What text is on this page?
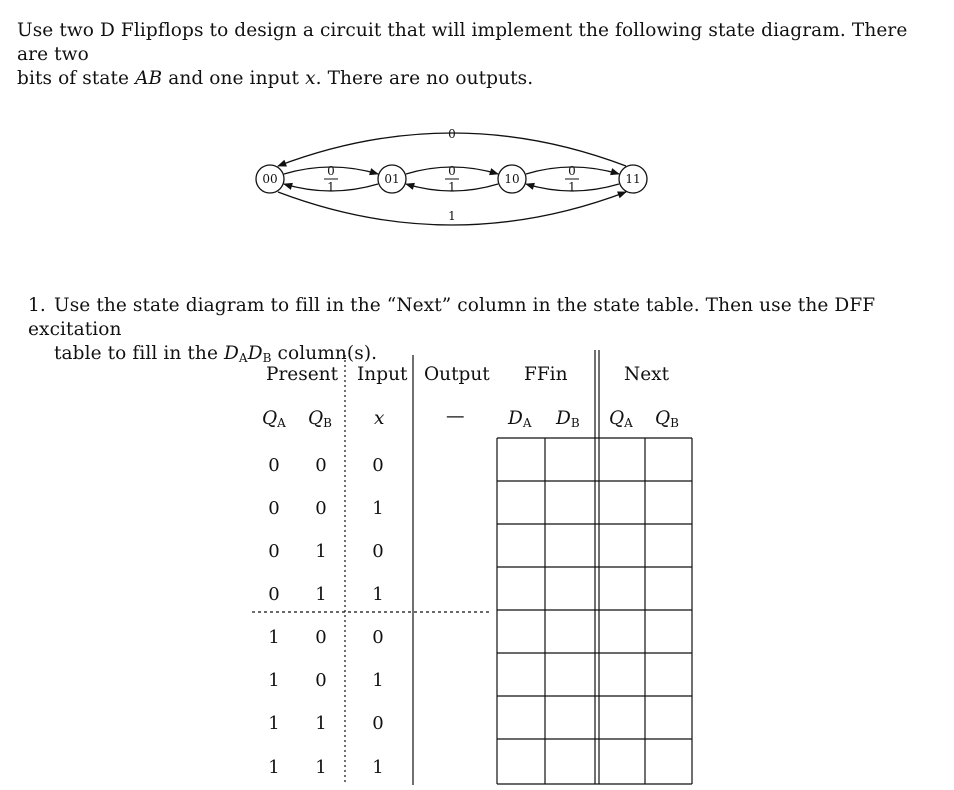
Use two D Flipflops to design a circuit that will implement the following state diagram. There are two
bits of state AB and one input x. There are no outputs.
00	01	10	11
0
0
1
0
1
0
1
1
1. Use the state diagram to fill in the “Next” column in the state table. Then use the DFF excitation
table to fill in the $D_AD_B$ column(s).
Present Input Output FFin	Next
$Q_A$ $Q_B$ x	— $D_A$ $D_B$ $Q_A$ $Q_B$
0 0	0
0 0	1
0 1	0
0 1	1
1 0	0
1 0	1
1 1	0
1 1	1
